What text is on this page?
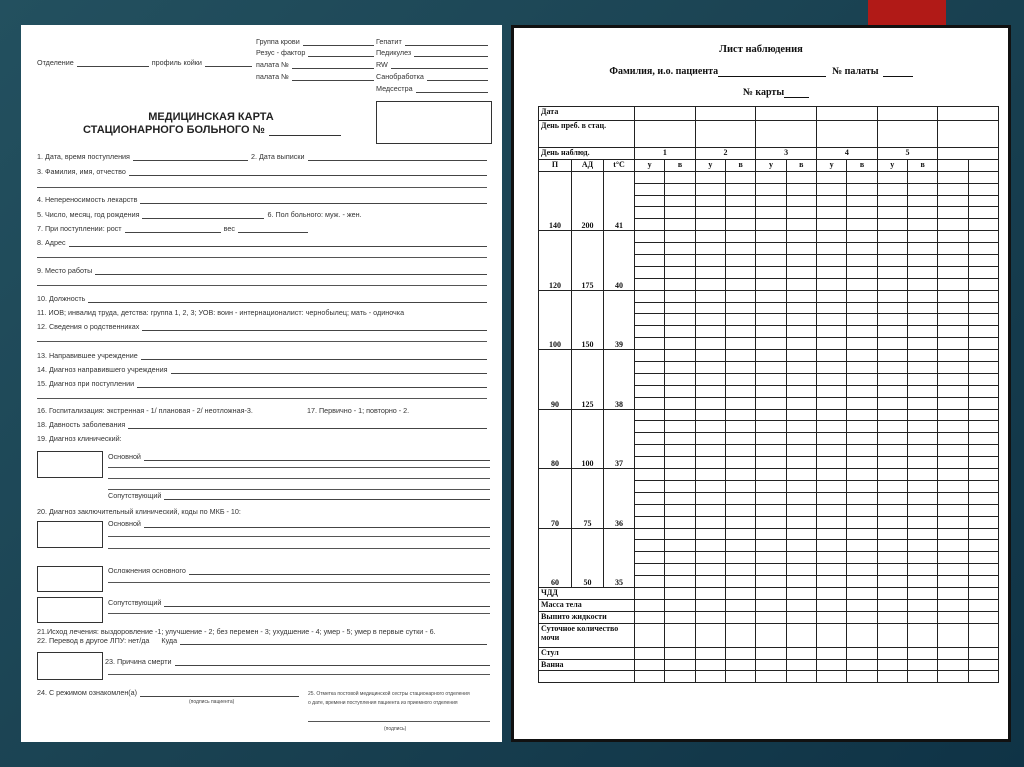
Отделение	профиль койки
Группа крови
Резус - фактор
палата №
палата №
Гепатит
Педикулез
RW
Санобработка
Медсестра
МЕДИЦИНСКАЯ КАРТА
СТАЦИОНАРНОГО БОЛЬНОГО №
1. Дата, время поступления	2. Дата выписки
3. Фамилия, имя, отчество
4. Непереносимость лекарств
5. Число, месяц, год рождения	6. Пол больного: муж. - жен.
7. При поступлении: рост	вес
8. Адрес
9. Место работы
10. Должность
11. ИОВ; инвалид труда, детства: группа 1, 2, 3; УОВ: воин - интернационалист: чернобылец; мать - одиночка
12. Сведения о родственниках
13. Направившее учреждение
14. Диагноз направившего учреждения
15. Диагноз при поступлении
16. Госпитализация: экстренная - 1/ плановая - 2/ неотложная-3.	17. Первично - 1; повторно - 2.
18. Давность заболевания
19. Диагноз клинический:
Основной
Сопутствующий
20. Диагноз заключительный клинический, коды по МКБ - 10:
Основной
Осложнения основного
Сопутствующий
21.Исход лечения: выздоровление -1; улучшение - 2; без перемен - 3; ухудшение - 4; умер - 5; умер в первые сутки - 6.
22. Перевод в другое ЛПУ: нет/да Куда
23. Причина смерти
24. С режимом ознакомлен(а)
(подпись пациента)
25. Отметка постовой медицинской сестры стационарного отделения
о дате, времени поступления пациента из приемного отделения
(подпись)
Лист наблюдения
Фамилия, и.о. пациента	№ палаты
№ карты
Дата														
День преб. в стац.														
День наблюд.			1		2		3		4		5			
П	АД	t°C	у	в	у	в	у	в	у	в	у	в		
140	200	41												

120	175	40												

100	150	39												

90	125	38												

80	100	37												

70	75	36												

60	50	35												

ЧДД														
Масса тела														
Выпито жидкости														
Суточное количество мочи														
Стул														
Ванна														
